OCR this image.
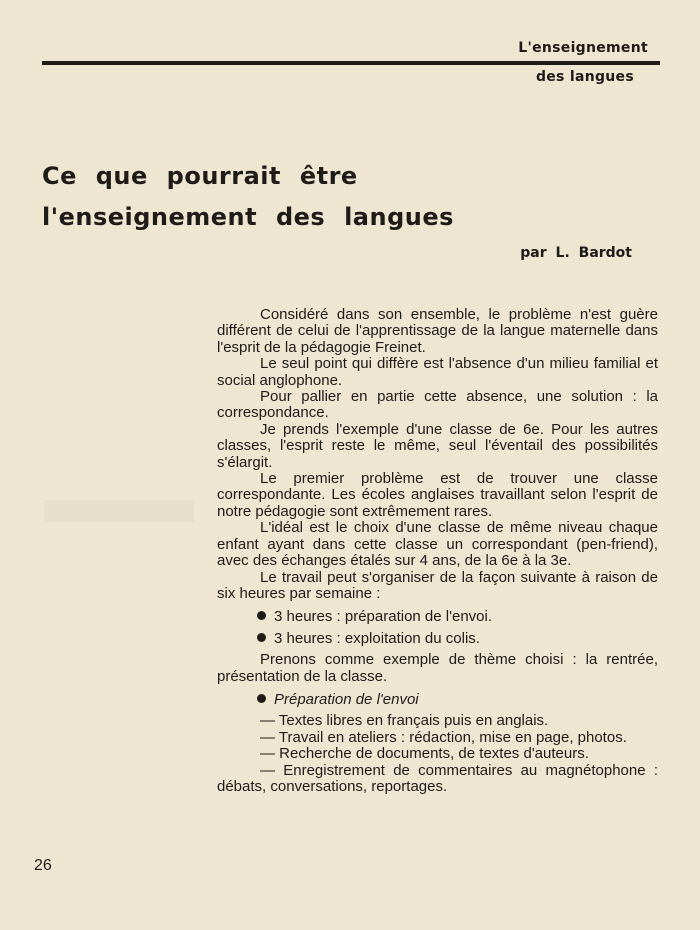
L'enseignement
des langues
Ce que pourrait être
l'enseignement des langues
par L. Bardot

Considéré dans son ensemble, le problème n'est guère différent de celui de l'apprentissage de la langue maternelle dans l'esprit de la pédagogie Freinet.

Le seul point qui diffère est l'absence d'un milieu familial et social anglophone.

Pour pallier en partie cette absence, une solution : la correspondance.

Je prends l'exemple d'une classe de 6e. Pour les autres classes, l'esprit reste le même, seul l'éventail des possibilités s'élargit.

Le premier problème est de trouver une classe correspondante. Les écoles anglaises travaillant selon l'esprit de notre pédagogie sont extrêmement rares.

L'idéal est le choix d'une classe de même niveau chaque enfant ayant dans cette classe un correspondant (pen-friend), avec des échanges étalés sur 4 ans, de la 6e à la 3e.

Le travail peut s'organiser de la façon suivante à raison de six heures par semaine :

3 heures : préparation de l'envoi.

3 heures : exploitation du colis.

Prenons comme exemple de thème choisi : la rentrée, présentation de la classe.

Préparation de l'envoi

— Textes libres en français puis en anglais.

— Travail en ateliers : rédaction, mise en page, photos.

— Recherche de documents, de textes d'auteurs.

— Enregistrement de commentaires au magnétophone : débats, conversations, reportages.

26
